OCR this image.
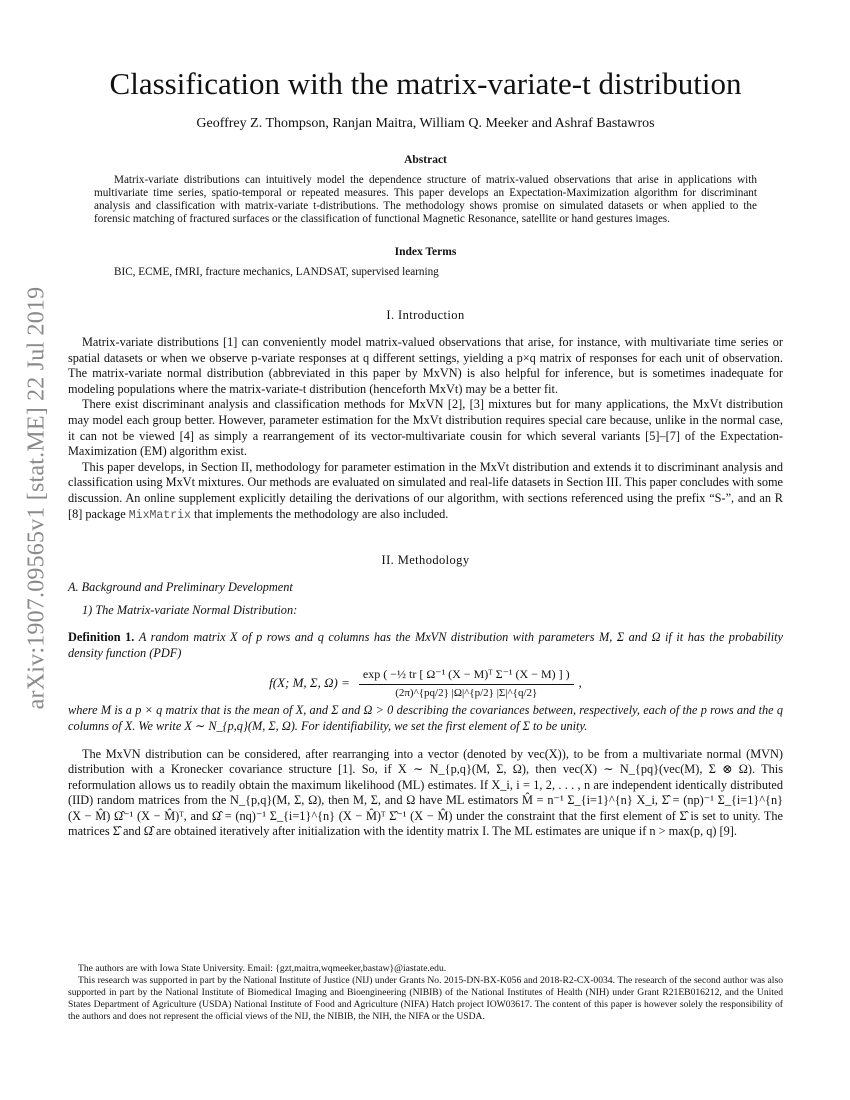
arXiv:1907.09565v1 [stat.ME] 22 Jul 2019
Classification with the matrix-variate-t distribution
Geoffrey Z. Thompson, Ranjan Maitra, William Q. Meeker and Ashraf Bastawros
Abstract

Matrix-variate distributions can intuitively model the dependence structure of matrix-valued observations that arise in applications with multivariate time series, spatio-temporal or repeated measures. This paper develops an Expectation-Maximization algorithm for discriminant analysis and classification with matrix-variate t-distributions. The methodology shows promise on simulated datasets or when applied to the forensic matching of fractured surfaces or the classification of functional Magnetic Resonance, satellite or hand gestures images.

Index Terms
BIC, ECME, fMRI, fracture mechanics, LANDSAT, supervised learning
I. Introduction

Matrix-variate distributions [1] can conveniently model matrix-valued observations that arise, for instance, with multivariate time series or spatial datasets or when we observe p-variate responses at q different settings, yielding a p×q matrix of responses for each unit of observation. The matrix-variate normal distribution (abbreviated in this paper by MxVN) is also helpful for inference, but is sometimes inadequate for modeling populations where the matrix-variate-t distribution (henceforth MxVt) may be a better fit.

There exist discriminant analysis and classification methods for MxVN [2], [3] mixtures but for many applications, the MxVt distribution may model each group better. However, parameter estimation for the MxVt distribution requires special care because, unlike in the normal case, it can not be viewed [4] as simply a rearrangement of its vector-multivariate cousin for which several variants [5]–[7] of the Expectation-Maximization (EM) algorithm exist.

This paper develops, in Section II, methodology for parameter estimation in the MxVt distribution and extends it to discriminant analysis and classification using MxVt mixtures. Our methods are evaluated on simulated and real-life datasets in Section III. This paper concludes with some discussion. An online supplement explicitly detailing the derivations of our algorithm, with sections referenced using the prefix “S-”, and an R [8] package MixMatrix that implements the methodology are also included.

II. Methodology
A. Background and Preliminary Development
1) The Matrix-variate Normal Distribution:

Definition 1. A random matrix X of p rows and q columns has the MxVN distribution with parameters M, Σ and Ω if it has the probability density function (PDF)

f(X; M, Σ, $\Omega) = \frac{\text{exp ( −½ tr [ Ω⁻¹ (X − M)ᵀ Σ⁻¹ (X − M) ] )}}{(2\pi)\^{}\{pq/2\} |\Omega|\^{}\{p/2\} |\Sigma|\^{}\{q/2\}}$ ,

where M is a p × q matrix that is the mean of X, and Σ and Ω > 0 describing the covariances between, respectively, each of the p rows and the q columns of X. We write X ∼ N_{p,q}(M, Σ, Ω). For identifiability, we set the first element of Σ to be unity.

The MxVN distribution can be considered, after rearranging into a vector (denoted by vec(X)), to be from a multivariate normal (MVN) distribution with a Kronecker covariance structure [1]. So, if X ∼ N_{p,q}(M, Σ, Ω), then vec(X) ∼ N_{pq}(vec(M), Σ ⊗ Ω). This reformulation allows us to readily obtain the maximum likelihood (ML) estimates. If X_i, i = 1, 2, . . . , n are independent identically distributed (IID) random matrices from the N_{p,q}(M, Σ, Ω), then M, Σ, and Ω have ML estimators M̂ = n⁻¹ Σ_{i=1}^{n} X_i, Σ̂ = (np)⁻¹ Σ_{i=1}^{n} (X − M̂) Ω̂⁻¹ (X − M̂)ᵀ, and Ω̂ = (nq)⁻¹ Σ_{i=1}^{n} (X − M̂)ᵀ Σ̂⁻¹ (X − M̂) under the constraint that the first element of Σ̂ is set to unity. The matrices Σ̂ and Ω̂ are obtained iteratively after initialization with the identity matrix I. The ML estimates are unique if n > max(p, q) [9].

The authors are with Iowa State University. Email: {gzt,maitra,wqmeeker,bastaw}@iastate.edu.

This research was supported in part by the National Institute of Justice (NIJ) under Grants No. 2015-DN-BX-K056 and 2018-R2-CX-0034. The research of the second author was also supported in part by the National Institute of Biomedical Imaging and Bioengineering (NIBIB) of the National Institutes of Health (NIH) under Grant R21EB016212, and the United States Department of Agriculture (USDA) National Institute of Food and Agriculture (NIFA) Hatch project IOW03617. The content of this paper is however solely the responsibility of the authors and does not represent the official views of the NIJ, the NIBIB, the NIH, the NIFA or the USDA.
